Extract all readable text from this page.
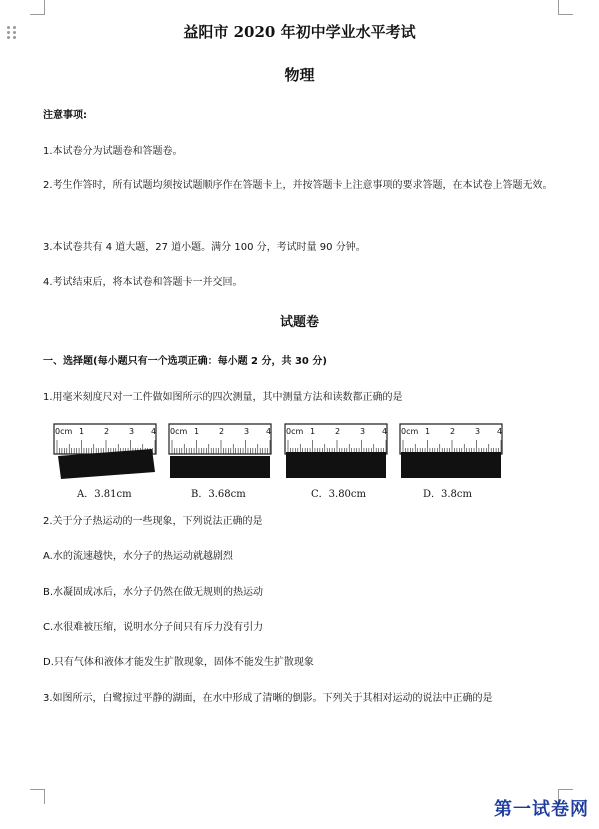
益阳市 2020 年初中学业水平考试
物理
注意事项:
1.本试卷分为试题卷和答题卷。
2.考生作答时，所有试题均须按试题顺序作在答题卡上，并按答题卡上注意事项的要求答题，在本试卷上答题无效。
3.本试卷共有 4 道大题，27 道小题。满分 100 分，考试时量 90 分钟。
4.考试结束后，将本试卷和答题卡一并交回。
试题卷
一、选择题(每小题只有一个选项正确：每小题 2 分，共 30 分)
1.用毫米刻度尺对一工件做如图所示的四次测量，其中测量方法和读数都正确的是
0cm 1 2 3 4 0cm 1 2 3 4 0cm 1 2 3 4 0cm 1 2 3 4
A．3.81cm	B．3.68cm	C．3.80cm	D．3.8cm
2.关于分子热运动的一些现象，下列说法正确的是
A.水的流速越快，水分子的热运动就越剧烈
B.水凝固成冰后，水分子仍然在做无规则的热运动
C.水很难被压缩，说明水分子间只有斥力没有引力
D.只有气体和液体才能发生扩散现象，固体不能发生扩散现象
3.如图所示，白鹭掠过平静的湖面，在水中形成了清晰的倒影。下列关于其相对运动的说法中正确的是
第一试卷网
